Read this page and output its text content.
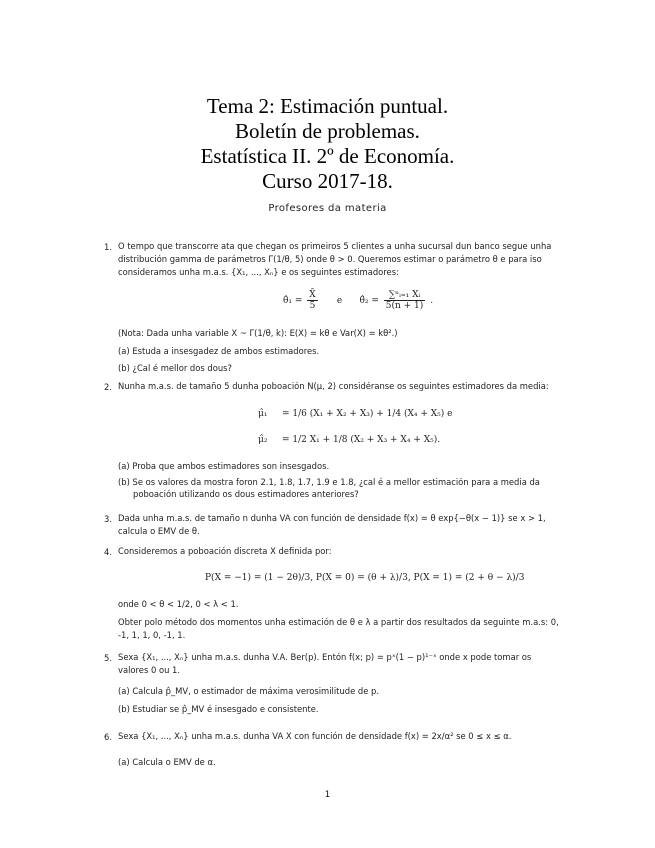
Tema 2: Estimación puntual.
Boletín de problemas.
Estatística II. 2º de Economía.
Curso 2017-18.
Profesores da materia
1. O tempo que transcorre ata que chegan os primeiros 5 clientes a unha sucursal dun banco segue unha
distribución gamma de parámetros Γ(1/θ, 5) onde θ > 0. Queremos estimar o parámetro θ e para iso
consideramos unha m.a.s. {X₁, ..., Xₙ} e os seguintes estimadores:
θ̂₁ = $\frac{X̄}{5}$ e θ̂₂ = $\frac{\text{∑ⁿᵢ₌₁ Xᵢ}}{5(n + 1)}$ .
(Nota: Dada unha variable X ~ Γ(1/θ, k): E(X) = kθ e Var(X) = kθ².)
(a) Estuda a insesgadez de ambos estimadores.
(b) ¿Cal é mellor dos dous?
2. Nunha m.a.s. de tamaño 5 dunha poboación N(μ, 2) considéranse os seguintes estimadores da media:
μ̂₁ = 1/6 (X₁ + X₂ + X₃) + 1/4 (X₄ + X₅) e
μ̂₂ = 1/2 X₁ + 1/8 (X₂ + X₃ + X₄ + X₅).
(a) Proba que ambos estimadores son insesgados.
(b) Se os valores da mostra foron 2.1, 1.8, 1.7, 1.9 e 1.8, ¿cal é a mellor estimación para a media da
poboación utilizando os dous estimadores anteriores?
3. Dada unha m.a.s. de tamaño n dunha VA con función de densidade f(x) = θ exp{−θ(x − 1)} se x > 1,
calcula o EMV de θ.
4. Consideremos a poboación discreta X definida por:
P(X = −1) = (1 − 2θ)/3, P(X = 0) = (θ + λ)/3, P(X = 1) = (2 + θ − λ)/3
onde 0 < θ < 1/2, 0 < λ < 1.
Obter polo método dos momentos unha estimación de θ e λ a partir dos resultados da seguinte m.a.s: 0,
-1, 1, 1, 0, -1, 1.
5. Sexa {X₁, ..., Xₙ} unha m.a.s. dunha V.A. Ber(p). Entón f(x; p) = pˣ(1 − p)¹⁻ˣ onde x pode tomar os
valores 0 ou 1.
(a) Calcula p̂_MV, o estimador de máxima verosimilitude de p.
(b) Estudiar se p̂_MV é insesgado e consistente.
6. Sexa {X₁, ..., Xₙ} unha m.a.s. dunha VA X con función de densidade f(x) = 2x/α² se 0 ≤ x ≤ α.
(a) Calcula o EMV de α.
1
